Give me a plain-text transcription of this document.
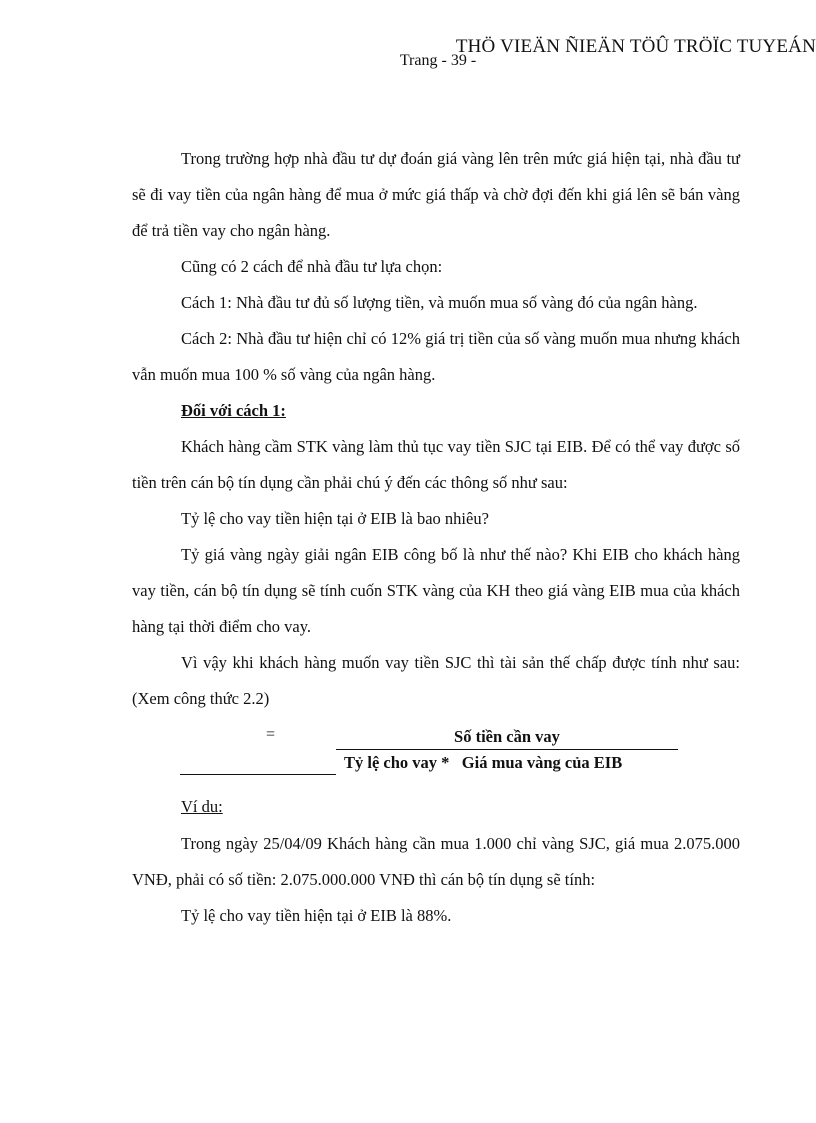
THÖ VIEÄN ÑIEÄN TÖÛ TRÖÏC TUYEÁN
Trang - 39 -

Trong trường hợp nhà đầu tư dự đoán giá vàng lên trên mức giá hiện tại, nhà đầu tư sẽ đi vay tiền của ngân hàng để mua ở mức giá thấp và chờ đợi đến khi giá lên sẽ bán vàng để trả tiền vay cho ngân hàng.

Cũng có 2 cách để nhà đầu tư lựa chọn:

Cách 1: Nhà đầu tư đủ số lượng tiền, và muốn mua số vàng đó của ngân hàng.

Cách 2: Nhà đầu tư hiện chỉ có 12% giá trị tiền của số vàng muốn mua nhưng khách vẫn muốn mua 100 % số vàng của ngân hàng.

Đối với cách 1:

Khách hàng cầm STK vàng làm thủ tục vay tiền SJC tại EIB. Để có thể vay được số tiền trên cán bộ tín dụng cần phải chú ý đến các thông số như sau:

Tỷ lệ cho vay tiền hiện tại ở EIB là bao nhiêu?

Tỷ giá vàng ngày giải ngân EIB công bố là như thế nào? Khi EIB cho khách hàng vay tiền, cán bộ tín dụng sẽ tính cuốn STK vàng của KH theo giá vàng EIB mua của khách hàng tại thời điểm cho vay.

Vì vậy khi khách hàng muốn vay tiền SJC thì tài sản thế chấp được tính như sau: (Xem công thức 2.2)

=	Số tiền cần vay
Tỷ lệ cho vay *   Giá mua vàng của EIB

Ví du:

Trong ngày 25/04/09 Khách hàng cần mua 1.000 chỉ vàng SJC, giá mua 2.075.000 VNĐ, phải có số tiền: 2.075.000.000 VNĐ thì cán bộ tín dụng sẽ tính:

Tỷ lệ cho vay tiền hiện tại ở EIB là 88%.
